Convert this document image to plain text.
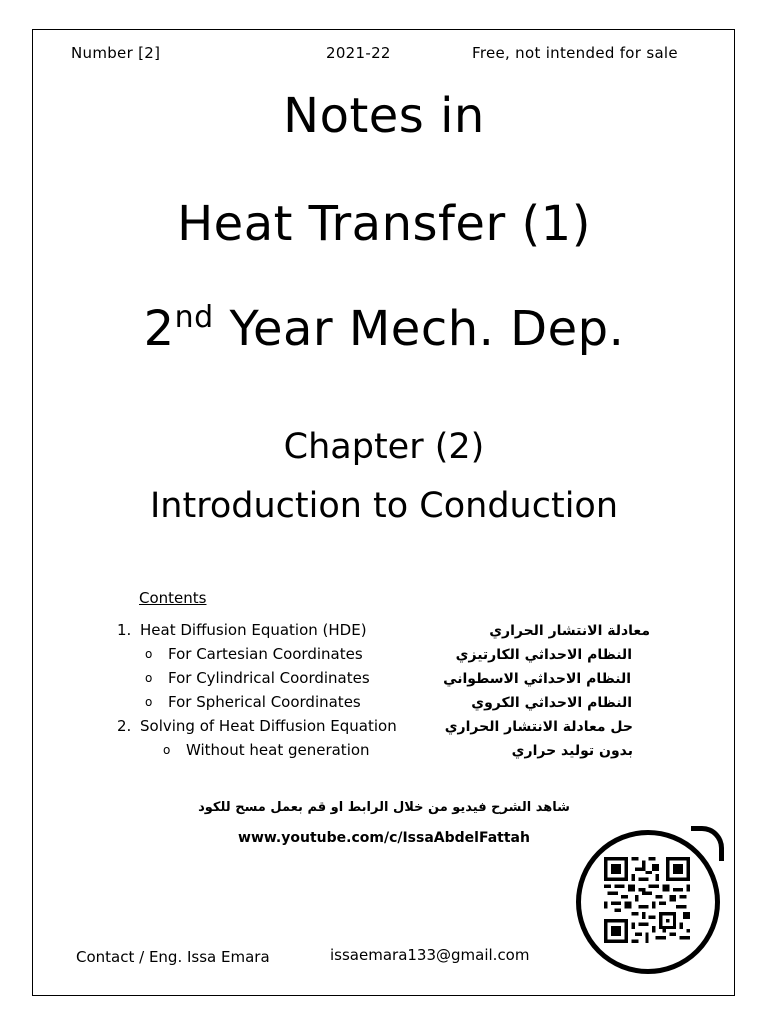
Number [2]	2021-22	Free, not intended for sale
Notes in
Heat Transfer (1)
2nd Year Mech. Dep.
Chapter (2)
Introduction to Conduction
Contents
1. Heat Diffusion Equation (HDE)	معادلة الانتشار الحراري
o For Cartesian Coordinates	النظام الاحداثي الكارتيزي
o For Cylindrical Coordinates	النظام الاحداثي الاسطواني
o For Spherical Coordinates	النظام الاحداثي الكروي
2. Solving of Heat Diffusion Equation	حل معادلة الانتشار الحراري
o Without heat generation	بدون توليد حراري
شاهد الشرح فيديو من خلال الرابط او قم بعمل مسح للكود
www.youtube.com/c/IssaAbdelFattah
Contact / Eng. Issa Emara	issaemara133@gmail.com
